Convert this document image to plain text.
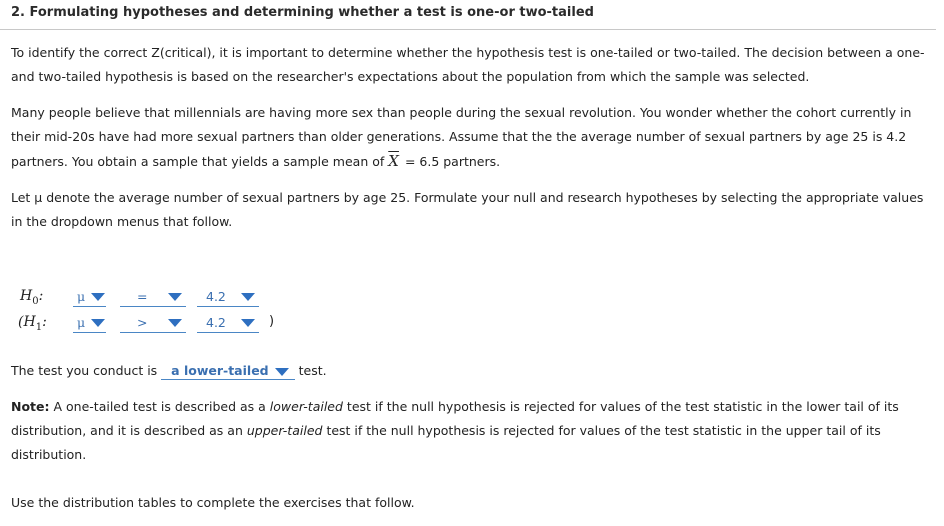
2. Formulating hypotheses and determining whether a test is one-or two-tailed

To identify the correct Z(critical), it is important to determine whether the hypothesis test is one-tailed or two-tailed. The decision between a one- and two-tailed hypothesis is based on the researcher's expectations about the population from which the sample was selected.

Many people believe that millennials are having more sex than people during the sexual revolution. You wonder whether the cohort currently in their mid-20s have had more sexual partners than older generations. Assume that the the average number of sexual partners by age 25 is 4.2 partners. You obtain a sample that yields a sample mean of $\overline{X} = 6.5$ partners.

Let μ denote the average number of sexual partners by age 25. Formulate your null and research hypotheses by selecting the appropriate values in the dropdown menus that follow.

$H_0$:	μ	=	4.2
($H_1$: μ	>	4.2	)

The test you conduct is a lower-tailed test.

Note: A one-tailed test is described as a lower-tailed test if the null hypothesis is rejected for values of the test statistic in the lower tail of its distribution, and it is described as an upper-tailed test if the null hypothesis is rejected for values of the test statistic in the upper tail of its distribution.

Use the distribution tables to complete the exercises that follow.
